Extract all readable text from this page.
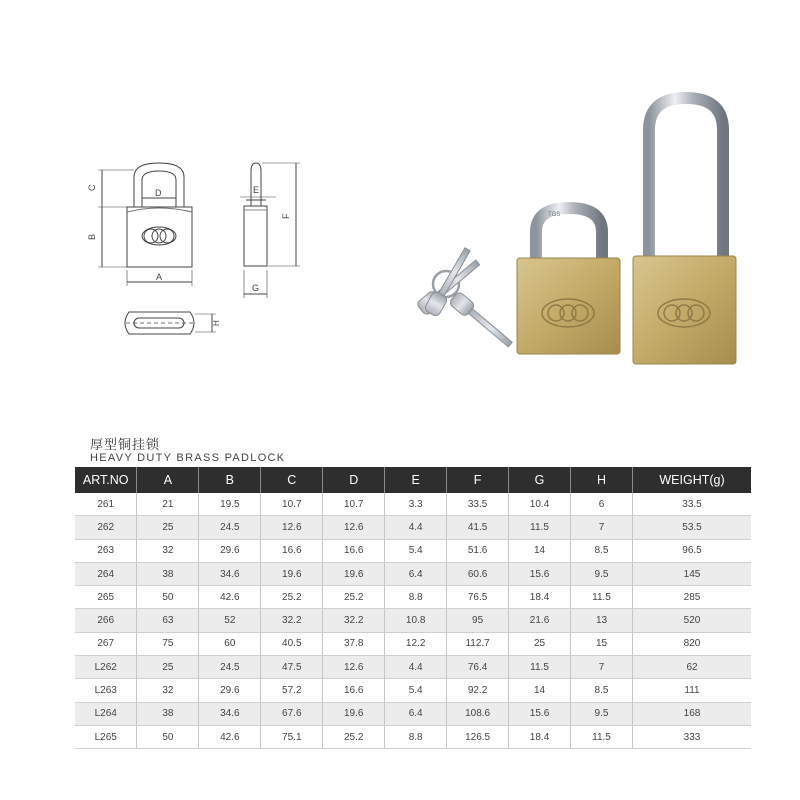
C
B
D
A
E
F
G
H
TGS
厚型铜挂锁
HEAVY DUTY BRASS PADLOCK
ART.NO	A	B	C	D	E	F	G	H	WEIGHT(g)
261	21	19.5	10.7	10.7	3.3	33.5	10.4	6	33.5
262	25	24.5	12.6	12.6	4.4	41.5	11.5	7	53.5
263	32	29.6	16.6	16.6	5.4	51.6	14	8.5	96.5
264	38	34.6	19.6	19.6	6.4	60.6	15.6	9.5	145
265	50	42.6	25.2	25.2	8.8	76.5	18.4	11.5	285
266	63	52	32.2	32.2	10.8	95	21.6	13	520
267	75	60	40.5	37.8	12.2	112.7	25	15	820
L262	25	24.5	47.5	12.6	4.4	76.4	11.5	7	62
L263	32	29.6	57.2	16.6	5.4	92.2	14	8.5	111
L264	38	34.6	67.6	19.6	6.4	108.6	15.6	9.5	168
L265	50	42.6	75.1	25.2	8.8	126.5	18.4	11.5	333
